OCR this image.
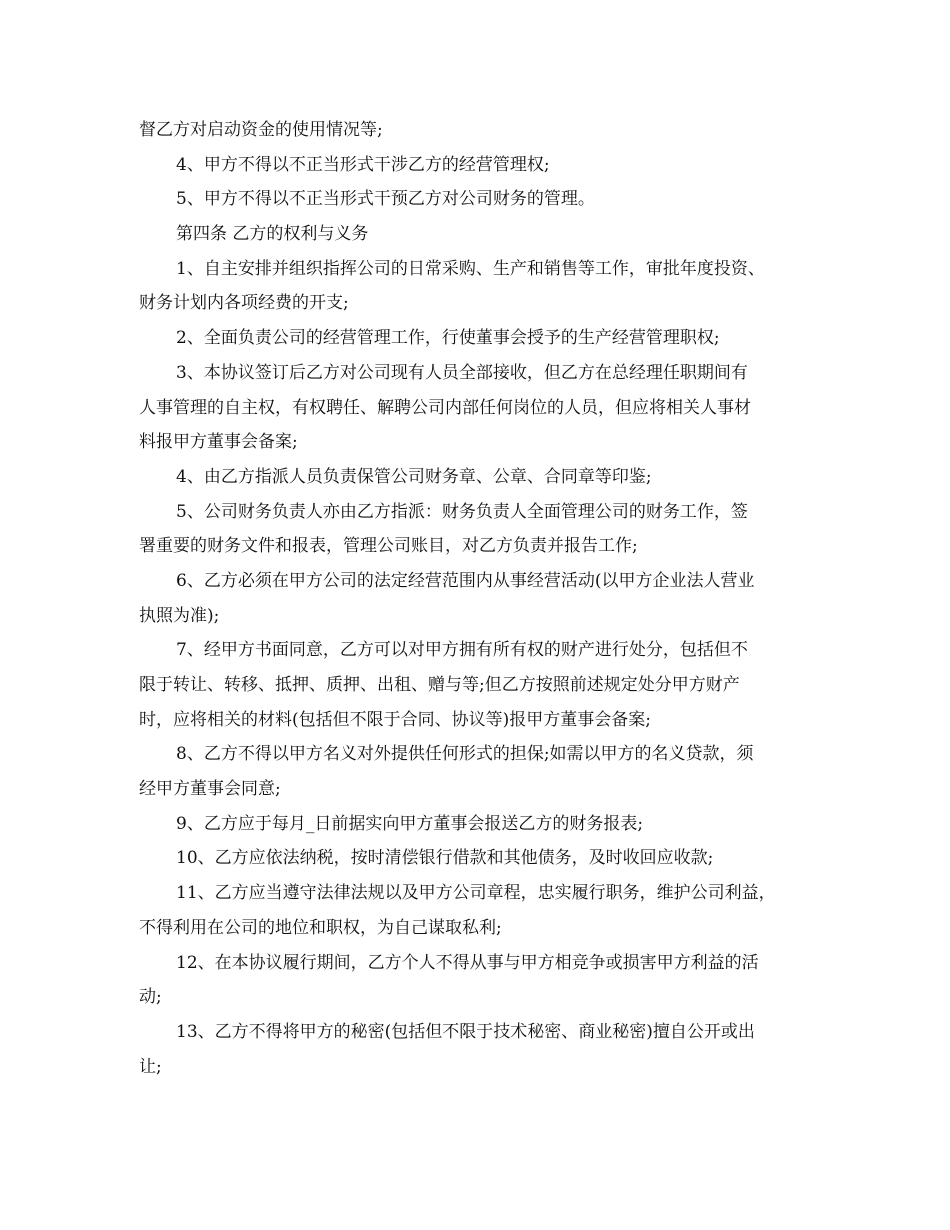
督乙方对启动资金的使用情况等;
4、甲方不得以不正当形式干涉乙方的经营管理权;
5、甲方不得以不正当形式干预乙方对公司财务的管理。
第四条 乙方的权利与义务
1、自主安排并组织指挥公司的日常采购、生产和销售等工作，审批年度投资、
财务计划内各项经费的开支;
2、全面负责公司的经营管理工作，行使董事会授予的生产经营管理职权;
3、本协议签订后乙方对公司现有人员全部接收，但乙方在总经理任职期间有
人事管理的自主权，有权聘任、解聘公司内部任何岗位的人员，但应将相关人事材
料报甲方董事会备案;
4、由乙方指派人员负责保管公司财务章、公章、合同章等印鉴;
5、公司财务负责人亦由乙方指派：财务负责人全面管理公司的财务工作，签
署重要的财务文件和报表，管理公司账目，对乙方负责并报告工作;
6、乙方必须在甲方公司的法定经营范围内从事经营活动(以甲方企业法人营业
执照为准);
7、经甲方书面同意，乙方可以对甲方拥有所有权的财产进行处分，包括但不
限于转让、转移、抵押、质押、出租、赠与等;但乙方按照前述规定处分甲方财产
时，应将相关的材料(包括但不限于合同、协议等)报甲方董事会备案;
8、乙方不得以甲方名义对外提供任何形式的担保;如需以甲方的名义贷款，须
经甲方董事会同意;
9、乙方应于每月_日前据实向甲方董事会报送乙方的财务报表;
10、乙方应依法纳税，按时清偿银行借款和其他债务，及时收回应收款;
11、乙方应当遵守法律法规以及甲方公司章程，忠实履行职务，维护公司利益，
不得利用在公司的地位和职权，为自己谋取私利;
12、在本协议履行期间，乙方个人不得从事与甲方相竞争或损害甲方利益的活
动;
13、乙方不得将甲方的秘密(包括但不限于技术秘密、商业秘密)擅自公开或出
让;
